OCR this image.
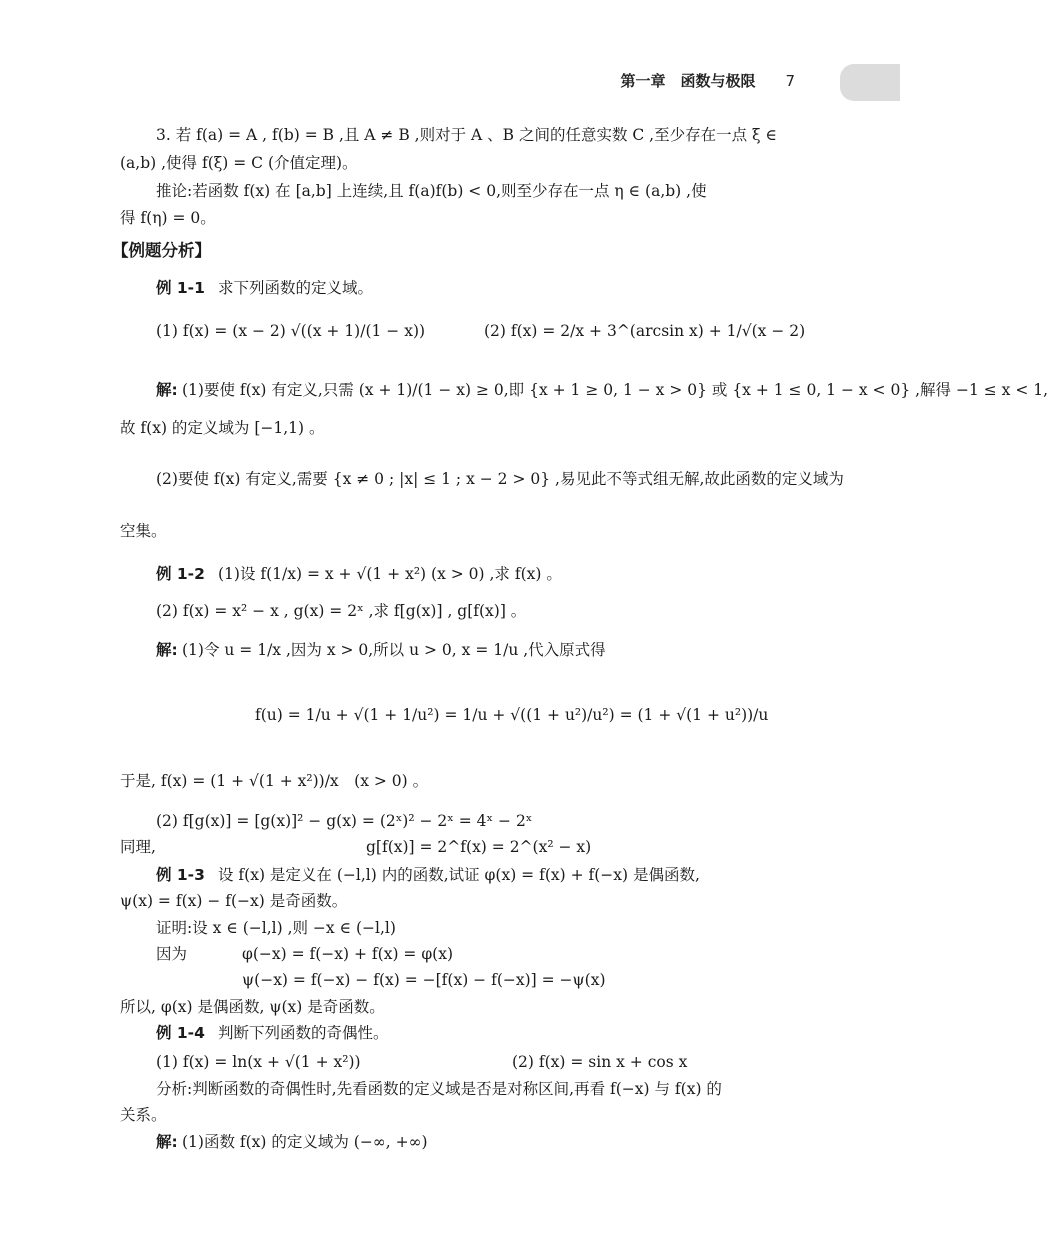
第一章　函数与极限 7
3. 若 f(a) = A , f(b) = B ,且 A ≠ B ,则对于 A 、B 之间的任意实数 C ,至少存在一点 ξ ∈
(a,b) ,使得 f(ξ) = C (介值定理)。
推论:若函数 f(x) 在 [a,b] 上连续,且 f(a)f(b) < 0,则至少存在一点 η ∈ (a,b) ,使
得 f(η) = 0。
【例题分析】
例 1-1 求下列函数的定义域。
(1) f(x) = (x − 2) √((x + 1)/(1 − x))	(2) f(x) = 2/x + 3^(arcsin x) + 1/√(x − 2)
解: (1)要使 f(x) 有定义,只需 (x + 1)/(1 − x) ≥ 0,即 {x + 1 ≥ 0, 1 − x > 0} 或 {x + 1 ≤ 0, 1 − x < 0} ,解得 −1 ≤ x < 1,
故 f(x) 的定义域为 [−1,1) 。
(2)要使 f(x) 有定义,需要 {x ≠ 0 ; |x| ≤ 1 ; x − 2 > 0} ,易见此不等式组无解,故此函数的定义域为
空集。
例 1-2 (1)设 f(1/x) = x + √(1 + x²) (x > 0) ,求 f(x) 。
(2) f(x) = x² − x , g(x) = 2ˣ ,求 f[g(x)] , g[f(x)] 。
解: (1)令 u = 1/x ,因为 x > 0,所以 u > 0, x = 1/u ,代入原式得
f(u) = 1/u + √(1 + 1/u²) = 1/u + √((1 + u²)/u²) = (1 + √(1 + u²))/u
于是, f(x) = (1 + √(1 + x²))/x　(x > 0) 。
(2) f[g(x)] = [g(x)]² − g(x) = (2ˣ)² − 2ˣ = 4ˣ − 2ˣ
同理,	g[f(x)] = 2^f(x) = 2^(x² − x)
例 1-3 设 f(x) 是定义在 (−l,l) 内的函数,试证 φ(x) = f(x) + f(−x) 是偶函数,
ψ(x) = f(x) − f(−x) 是奇函数。
证明:设 x ∈ (−l,l) ,则 −x ∈ (−l,l)
因为	φ(−x) = f(−x) + f(x) = φ(x)
ψ(−x) = f(−x) − f(x) = −[f(x) − f(−x)] = −ψ(x)
所以, φ(x) 是偶函数, ψ(x) 是奇函数。
例 1-4 判断下列函数的奇偶性。
(1) f(x) = ln(x + √(1 + x²))	(2) f(x) = sin x + cos x
分析:判断函数的奇偶性时,先看函数的定义域是否是对称区间,再看 f(−x) 与 f(x) 的
关系。
解: (1)函数 f(x) 的定义域为 (−∞, +∞)
